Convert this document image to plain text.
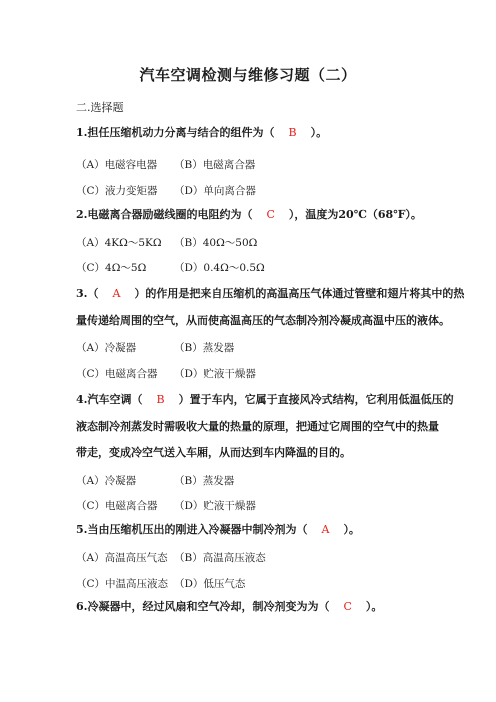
汽车空调检测与维修习题（二）
二.选择题
1.担任压缩机动力分离与结合的组件为（ B ）。
（A）电磁容电器 （B）电磁离合器
（C）液力变矩器 （D）单向离合器
2.电磁离合器励磁线圈的电阻约为（ C ），温度为20℃（68℉）。
（A）4KΩ～5KΩ （B）40Ω～50Ω
（C）4Ω～5Ω	（D）0.4Ω～0.5Ω
3.（ A ）的作用是把来自压缩机的高温高压气体通过管壁和翅片将其中的热
量传递给周围的空气，从而使高温高压的气态制冷剂冷凝成高温中压的液体。
（A）冷凝器	（B）蒸发器
（C）电磁离合器 （D）贮液干燥器
4.汽车空调（ B ）置于车内，它属于直接风冷式结构，它利用低温低压的
液态制冷剂蒸发时需吸收大量的热量的原理，把通过它周围的空气中的热量
带走，变成冷空气送入车厢，从而达到车内降温的目的。
（A）冷凝器	（B）蒸发器
（C）电磁离合器 （D）贮液干燥器
5.当由压缩机压出的刚进入冷凝器中制冷剂为（ A ）。
（A）高温高压气态 （B）高温高压液态
（C）中温高压液态 （D）低压气态
6.冷凝器中，经过风扇和空气冷却，制冷剂变为为（ C ）。
